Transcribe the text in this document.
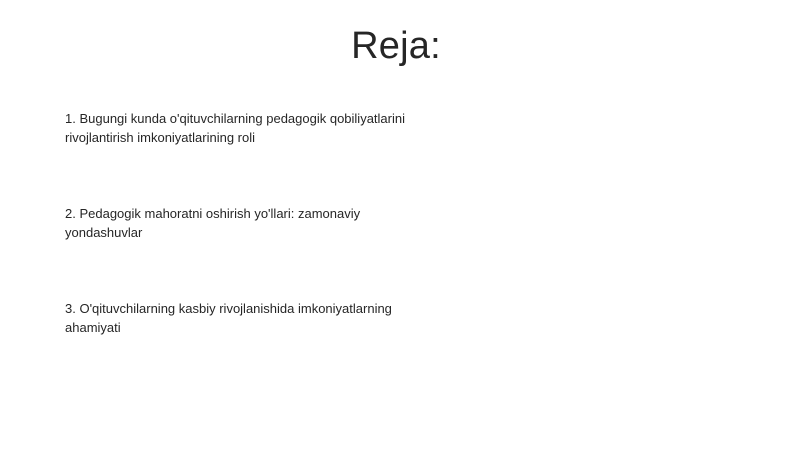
Reja:
1. Bugungi kunda o'qituvchilarning pedagogik qobiliyatlarini rivojlantirish imkoniyatlarining roli
2. Pedagogik mahoratni oshirish yo'llari: zamonaviy yondashuvlar
3. O'qituvchilarning kasbiy rivojlanishida imkoniyatlarning ahamiyati
